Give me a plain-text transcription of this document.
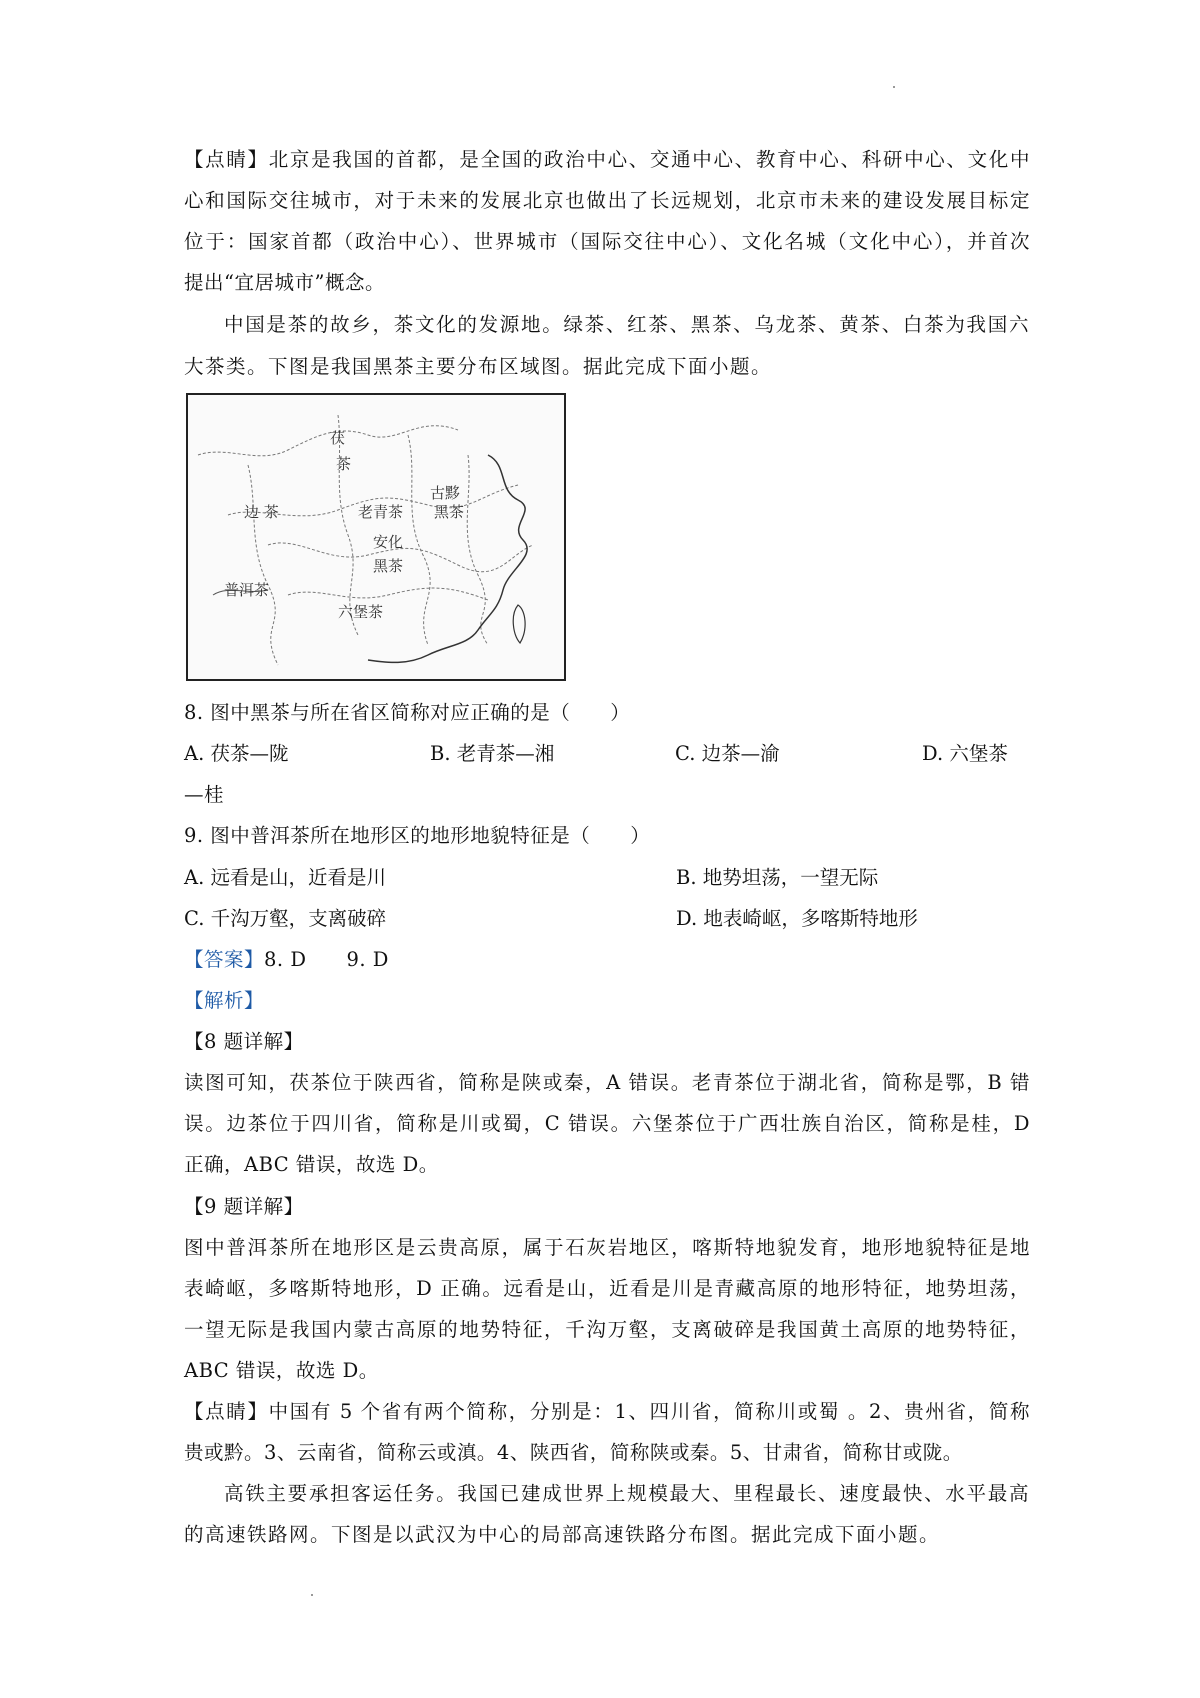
【点睛】北京是我国的首都，是全国的政治中心、交通中心、教育中心、科研中心、文化中
心和国际交往城市，对于未来的发展北京也做出了长远规划，北京市未来的建设发展目标定
位于：国家首都（政治中心）、世界城市（国际交往中心）、文化名城（文化中心），并首次
提出“宜居城市”概念。
中国是茶的故乡，茶文化的发源地。绿茶、红茶、黑茶、乌龙茶、黄茶、白茶为我国六
大茶类。下图是我国黑茶主要分布区域图。据此完成下面小题。
茯
茶
边 茶	老青茶
古黟
黑茶
安化
黑茶
普洱茶
六堡茶
8. 图中黑茶与所在省区简称对应正确的是（　　）
A. 茯茶—陇	B. 老青茶—湘	C. 边茶—渝	D. 六堡茶
—桂
9. 图中普洱茶所在地形区的地形地貌特征是（　　）
A. 远看是山，近看是川	B. 地势坦荡，一望无际
C. 千沟万壑，支离破碎	D. 地表崎岖，多喀斯特地形
【答案】8. D　　9. D
【解析】
【8 题详解】
读图可知，茯茶位于陕西省，简称是陕或秦，A 错误。老青茶位于湖北省，简称是鄂，B 错
误。边茶位于四川省，简称是川或蜀，C 错误。六堡茶位于广西壮族自治区，简称是桂，D
正确，ABC 错误，故选 D。
【9 题详解】
图中普洱茶所在地形区是云贵高原，属于石灰岩地区，喀斯特地貌发育，地形地貌特征是地
表崎岖，多喀斯特地形，D 正确。远看是山，近看是川是青藏高原的地形特征，地势坦荡，
一望无际是我国内蒙古高原的地势特征，千沟万壑，支离破碎是我国黄土高原的地势特征，
ABC 错误，故选 D。
【点睛】中国有 5 个省有两个简称，分别是：1、四川省，简称川或蜀 。2、贵州省，简称
贵或黔。3、云南省，简称云或滇。4、陕西省，简称陕或秦。5、甘肃省，简称甘或陇。
高铁主要承担客运任务。我国已建成世界上规模最大、里程最长、速度最快、水平最高
的高速铁路网。下图是以武汉为中心的局部高速铁路分布图。据此完成下面小题。
